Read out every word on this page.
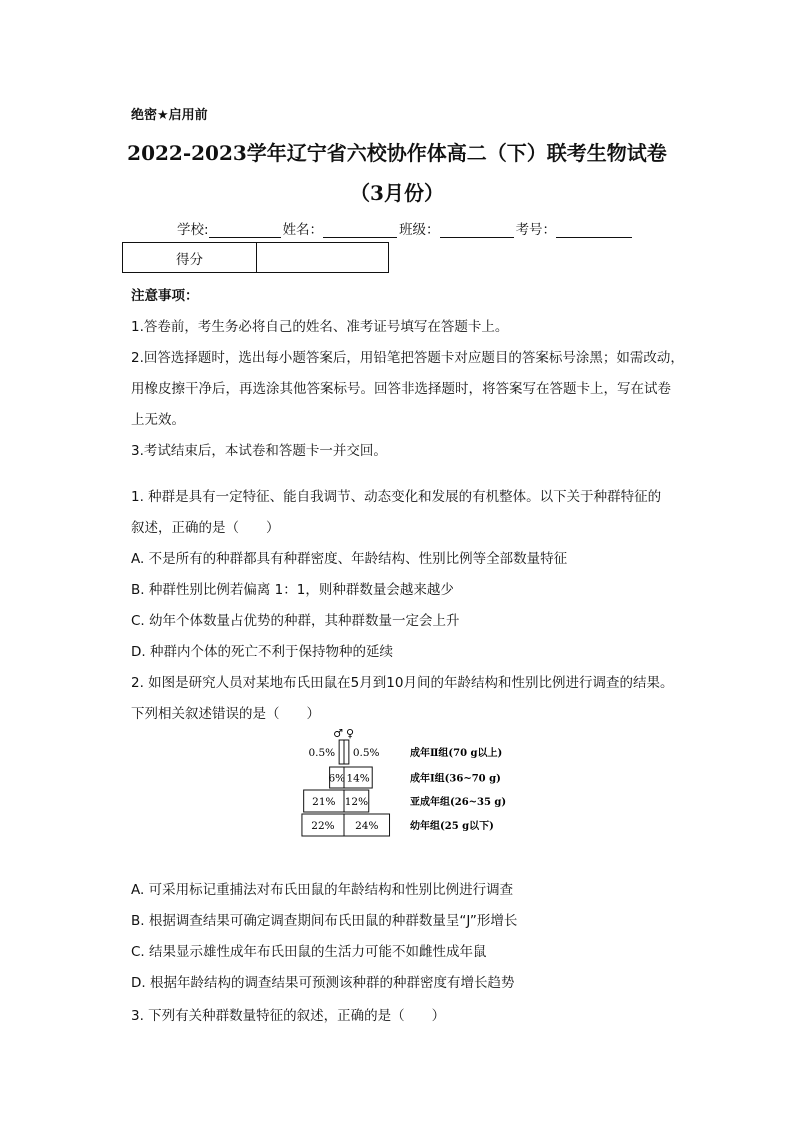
绝密★启用前
2022-2023学年辽宁省六校协作体高二（下）联考生物试卷
（3月份）
学校:	姓名：	班级：	考号：
得分	
注意事项：
1.答卷前，考生务必将自己的姓名、准考证号填写在答题卡上。
2.回答选择题时，选出每小题答案后，用铅笔把答题卡对应题目的答案标号涂黑；如需改动，
用橡皮擦干净后，再选涂其他答案标号。回答非选择题时，将答案写在答题卡上，写在试卷
上无效。
3.考试结束后，本试卷和答题卡一并交回。
1. 种群是具有一定特征、能自我调节、动态变化和发展的有机整体。以下关于种群特征的
叙述，正确的是（　　）
A. 不是所有的种群都具有种群密度、年龄结构、性别比例等全部数量特征
B. 种群性别比例若偏离 1：1，则种群数量会越来越少
C. 幼年个体数量占优势的种群，其种群数量一定会上升
D. 种群内个体的死亡不利于保持物种的延续
2. 如图是研究人员对某地布氏田鼠在5月到10月间的年龄结构和性别比例进行调查的结果。
下列相关叙述错误的是（　　）
♂ ♀
0.5% 0.5%
6% 14%
21% 12%
22% 24%
成年Ⅱ组(70 g以上)
成年Ⅰ组(36~70 g)
亚成年组(26~35 g)
幼年组(25 g以下)
A. 可采用标记重捕法对布氏田鼠的年龄结构和性别比例进行调查
B. 根据调查结果可确定调查期间布氏田鼠的种群数量呈“J”形增长
C. 结果显示雄性成年布氏田鼠的生活力可能不如雌性成年鼠
D. 根据年龄结构的调查结果可预测该种群的种群密度有增长趋势
3. 下列有关种群数量特征的叙述，正确的是（　　）
